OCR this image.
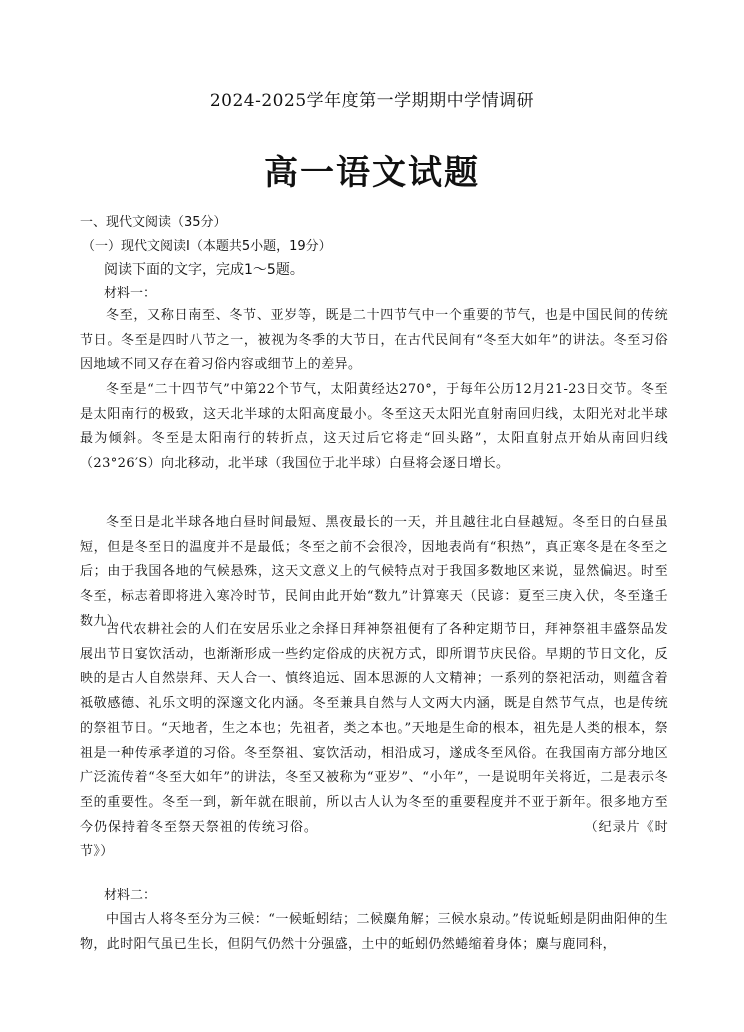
2024-2025学年度第一学期期中学情调研
高一语文试题
一、现代文阅读（35分）
（一）现代文阅读Ⅰ（本题共5小题，19分）
阅读下面的文字，完成1～5题。
材料一：
冬至，又称日南至、冬节、亚岁等，既是二十四节气中一个重要的节气，也是中国民间的传统节日。冬至是四时八节之一，被视为冬季的大节日，在古代民间有“冬至大如年”的讲法。冬至习俗因地域不同又存在着习俗内容或细节上的差异。
冬至是“二十四节气”中第22个节气，太阳黄经达270°，于每年公历12月21-23日交节。冬至是太阳南行的极致，这天北半球的太阳高度最小。冬至这天太阳光直射南回归线，太阳光对北半球最为倾斜。冬至是太阳南行的转折点，这天过后它将走“回头路”，太阳直射点开始从南回归线（23°26′S）向北移动，北半球（我国位于北半球）白昼将会逐日增长。
冬至日是北半球各地白昼时间最短、黑夜最长的一天，并且越往北白昼越短。冬至日的白昼虽短，但是冬至日的温度并不是最低；冬至之前不会很冷，因地表尚有“积热”，真正寒冬是在冬至之后；由于我国各地的气候悬殊，这天文意义上的气候特点对于我国多数地区来说，显然偏迟。时至冬至，标志着即将进入寒冷时节，民间由此开始“数九”计算寒天（民谚：夏至三庚入伏，冬至逢壬数九）。
古代农耕社会的人们在安居乐业之余择日拜神祭祖便有了各种定期节日，拜神祭祖丰盛祭品发展出节日宴饮活动，也渐渐形成一些约定俗成的庆祝方式，即所谓节庆民俗。早期的节日文化，反映的是古人自然崇拜、天人合一、慎终追远、固本思源的人文精神；一系列的祭祀活动，则蕴含着祗敬感德、礼乐文明的深邃文化内涵。冬至兼具自然与人文两大内涵，既是自然节气点，也是传统的祭祖节日。“天地者，生之本也；先祖者，类之本也。”天地是生命的根本，祖先是人类的根本，祭祖是一种传承孝道的习俗。冬至祭祖、宴饮活动，相沿成习，遂成冬至风俗。在我国南方部分地区广泛流传着“冬至大如年”的讲法，冬至又被称为“亚岁”、“小年”，一是说明年关将近，二是表示冬至的重要性。冬至一到，新年就在眼前，所以古人认为冬至的重要程度并不亚于新年。很多地方至今仍保持着冬至祭天祭祖的传统习俗。　　　　　　　　　　　　　　　　　　　　（纪录片《时节》）
材料二：
中国古人将冬至分为三候：“一候蚯蚓结；二候麋角解；三候水泉动。”传说蚯蚓是阴曲阳伸的生物，此时阳气虽已生长，但阴气仍然十分强盛，土中的蚯蚓仍然蜷缩着身体；麋与鹿同科，
